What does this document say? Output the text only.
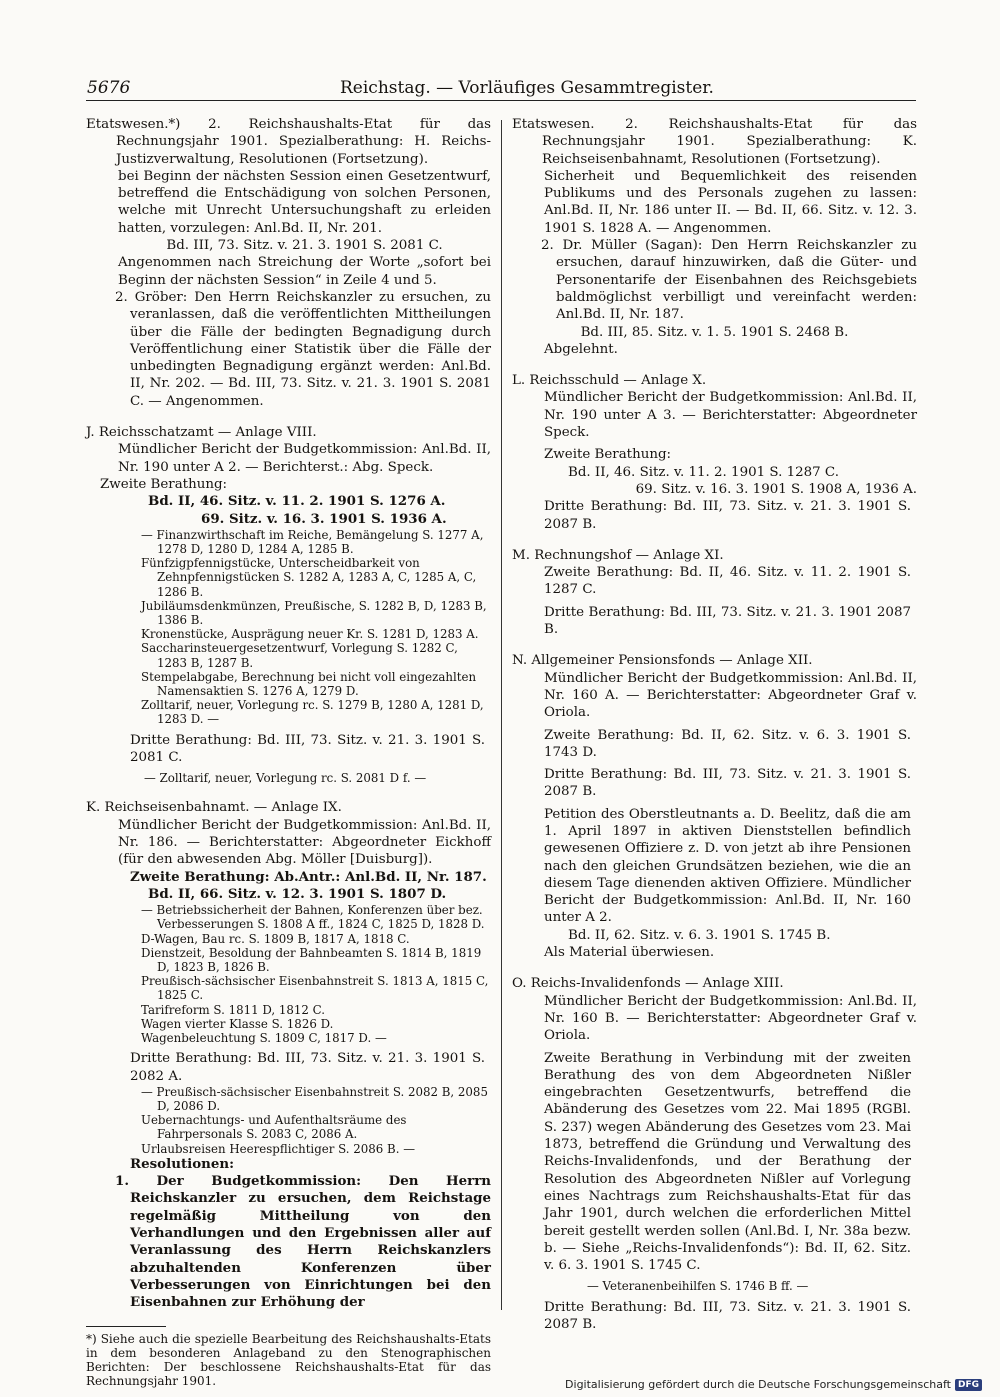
5676	Reichstag. — Vorläufiges Gesammtregister.

Etatswesen.*) 2. Reichshaushalts-Etat für das Rechnungsjahr 1901. Spezialberathung: H. Reichs-Justizverwaltung, Resolutionen (Fortsetzung).

bei Beginn der nächsten Session einen Gesetzentwurf, betreffend die Entschädigung von solchen Personen, welche mit Unrecht Untersuchungshaft zu erleiden hatten, vorzulegen: Anl.Bd. II, Nr. 201.

Bd. III, 73. Sitz. v. 21. 3. 1901 S. 2081 C.

Angenommen nach Streichung der Worte „sofort bei Beginn der nächsten Session“ in Zeile 4 und 5.

2. Gröber: Den Herrn Reichskanzler zu ersuchen, zu veranlassen, daß die veröffentlichten Mittheilungen über die Fälle der bedingten Begnadigung durch Veröffentlichung einer Statistik über die Fälle der unbedingten Begnadigung ergänzt werden: Anl.Bd. II, Nr. 202. — Bd. III, 73. Sitz. v. 21. 3. 1901 S. 2081 C. — Angenommen.

J. Reichsschatzamt — Anlage VIII.

Mündlicher Bericht der Budgetkommission: Anl.Bd. II, Nr. 190 unter A 2. — Berichterst.: Abg. Speck.

Zweite Berathung:

Bd. II, 46. Sitz. v. 11. 2. 1901 S. 1276 A.

69. Sitz. v. 16. 3. 1901 S. 1936 A.

— Finanzwirthschaft im Reiche, Bemängelung S. 1277 A, 1278 D, 1280 D, 1284 A, 1285 B.

Fünfzigpfennigstücke, Unterscheidbarkeit von Zehnpfennigstücken S. 1282 A, 1283 A, C, 1285 A, C, 1286 B.

Jubiläumsdenkmünzen, Preußische, S. 1282 B, D, 1283 B, 1386 B.

Kronenstücke, Ausprägung neuer Kr. S. 1281 D, 1283 A.

Saccharinsteuergesetzentwurf, Vorlegung S. 1282 C, 1283 B, 1287 B.

Stempelabgabe, Berechnung bei nicht voll eingezahlten Namensaktien S. 1276 A, 1279 D.

Zolltarif, neuer, Vorlegung rc. S. 1279 B, 1280 A, 1281 D, 1283 D. —

Dritte Berathung: Bd. III, 73. Sitz. v. 21. 3. 1901 S. 2081 C.

— Zolltarif, neuer, Vorlegung rc. S. 2081 D f. —

K. Reichseisenbahnamt. — Anlage IX.

Mündlicher Bericht der Budgetkommission: Anl.Bd. II, Nr. 186. — Berichterstatter: Abgeordneter Eickhoff (für den abwesenden Abg. Möller [Duisburg]).

Zweite Berathung: Ab.Antr.: Anl.Bd. II, Nr. 187.

Bd. II, 66. Sitz. v. 12. 3. 1901 S. 1807 D.

— Betriebssicherheit der Bahnen, Konferenzen über bez. Verbesserungen S. 1808 A ff., 1824 C, 1825 D, 1828 D.

D-Wagen, Bau rc. S. 1809 B, 1817 A, 1818 C.

Dienstzeit, Besoldung der Bahnbeamten S. 1814 B, 1819 D, 1823 B, 1826 B.

Preußisch-sächsischer Eisenbahnstreit S. 1813 A, 1815 C, 1825 C.

Tarifreform S. 1811 D, 1812 C.

Wagen vierter Klasse S. 1826 D.

Wagenbeleuchtung S. 1809 C, 1817 D. —

Dritte Berathung: Bd. III, 73. Sitz. v. 21. 3. 1901 S. 2082 A.

— Preußisch-sächsischer Eisenbahnstreit S. 2082 B, 2085 D, 2086 D.

Uebernachtungs- und Aufenthaltsräume des Fahrpersonals S. 2083 C, 2086 A.

Urlaubsreisen Heerespflichtiger S. 2086 B. —

Resolutionen:

1. Der Budgetkommission: Den Herrn Reichskanzler zu ersuchen, dem Reichstage regelmäßig Mittheilung von den Verhandlungen und den Ergebnissen aller auf Veranlassung des Herrn Reichskanzlers abzuhaltenden Konferenzen über Verbesserungen von Einrichtungen bei den Eisenbahnen zur Erhöhung der

*) Siehe auch die spezielle Bearbeitung des Reichshaushalts-Etats in dem besonderen Anlageband zu den Stenographischen Berichten: Der beschlossene Reichshaushalts-Etat für das Rechnungsjahr 1901.

Etatswesen. 2. Reichshaushalts-Etat für das Rechnungsjahr 1901. Spezialberathung: K. Reichseisenbahnamt, Resolutionen (Fortsetzung).

Sicherheit und Bequemlichkeit des reisenden Publikums und des Personals zugehen zu lassen: Anl.Bd. II, Nr. 186 unter II. — Bd. II, 66. Sitz. v. 12. 3. 1901 S. 1828 A. — Angenommen.

2. Dr. Müller (Sagan): Den Herrn Reichskanzler zu ersuchen, darauf hinzuwirken, daß die Güter- und Personentarife der Eisenbahnen des Reichsgebiets baldmöglichst verbilligt und vereinfacht werden: Anl.Bd. II, Nr. 187.

Bd. III, 85. Sitz. v. 1. 5. 1901 S. 2468 B.

Abgelehnt.

L. Reichsschuld — Anlage X.

Mündlicher Bericht der Budgetkommission: Anl.Bd. II, Nr. 190 unter A 3. — Berichterstatter: Abgeordneter Speck.

Zweite Berathung:

Bd. II, 46. Sitz. v. 11. 2. 1901 S. 1287 C.

69. Sitz. v. 16. 3. 1901 S. 1908 A, 1936 A.

Dritte Berathung: Bd. III, 73. Sitz. v. 21. 3. 1901 S. 2087 B.

M. Rechnungshof — Anlage XI.

Zweite Berathung: Bd. II, 46. Sitz. v. 11. 2. 1901 S. 1287 C.

Dritte Berathung: Bd. III, 73. Sitz. v. 21. 3. 1901 2087 B.

N. Allgemeiner Pensionsfonds — Anlage XII.

Mündlicher Bericht der Budgetkommission: Anl.Bd. II, Nr. 160 A. — Berichterstatter: Abgeordneter Graf v. Oriola.

Zweite Berathung: Bd. II, 62. Sitz. v. 6. 3. 1901 S. 1743 D.

Dritte Berathung: Bd. III, 73. Sitz. v. 21. 3. 1901 S. 2087 B.

Petition des Oberstleutnants a. D. Beelitz, daß die am 1. April 1897 in aktiven Dienststellen befindlich gewesenen Offiziere z. D. von jetzt ab ihre Pensionen nach den gleichen Grundsätzen beziehen, wie die an diesem Tage dienenden aktiven Offiziere. Mündlicher Bericht der Budgetkommission: Anl.Bd. II, Nr. 160 unter A 2.

Bd. II, 62. Sitz. v. 6. 3. 1901 S. 1745 B.

Als Material überwiesen.

O. Reichs-Invalidenfonds — Anlage XIII.

Mündlicher Bericht der Budgetkommission: Anl.Bd. II, Nr. 160 B. — Berichterstatter: Abgeordneter Graf v. Oriola.

Zweite Berathung in Verbindung mit der zweiten Berathung des von dem Abgeordneten Nißler eingebrachten Gesetzentwurfs, betreffend die Abänderung des Gesetzes vom 22. Mai 1895 (RGBl. S. 237) wegen Abänderung des Gesetzes vom 23. Mai 1873, betreffend die Gründung und Verwaltung des Reichs-Invalidenfonds, und der Berathung der Resolution des Abgeordneten Nißler auf Vorlegung eines Nachtrags zum Reichshaushalts-Etat für das Jahr 1901, durch welchen die erforderlichen Mittel bereit gestellt werden sollen (Anl.Bd. I, Nr. 38a bezw. b. — Siehe „Reichs-Invalidenfonds“): Bd. II, 62. Sitz. v. 6. 3. 1901 S. 1745 C.

— Veteranenbeihilfen S. 1746 B ff. —

Dritte Berathung: Bd. III, 73. Sitz. v. 21. 3. 1901 S. 2087 B.

Digitalisierung gefördert durch die Deutsche Forschungsgemeinschaft DFG
